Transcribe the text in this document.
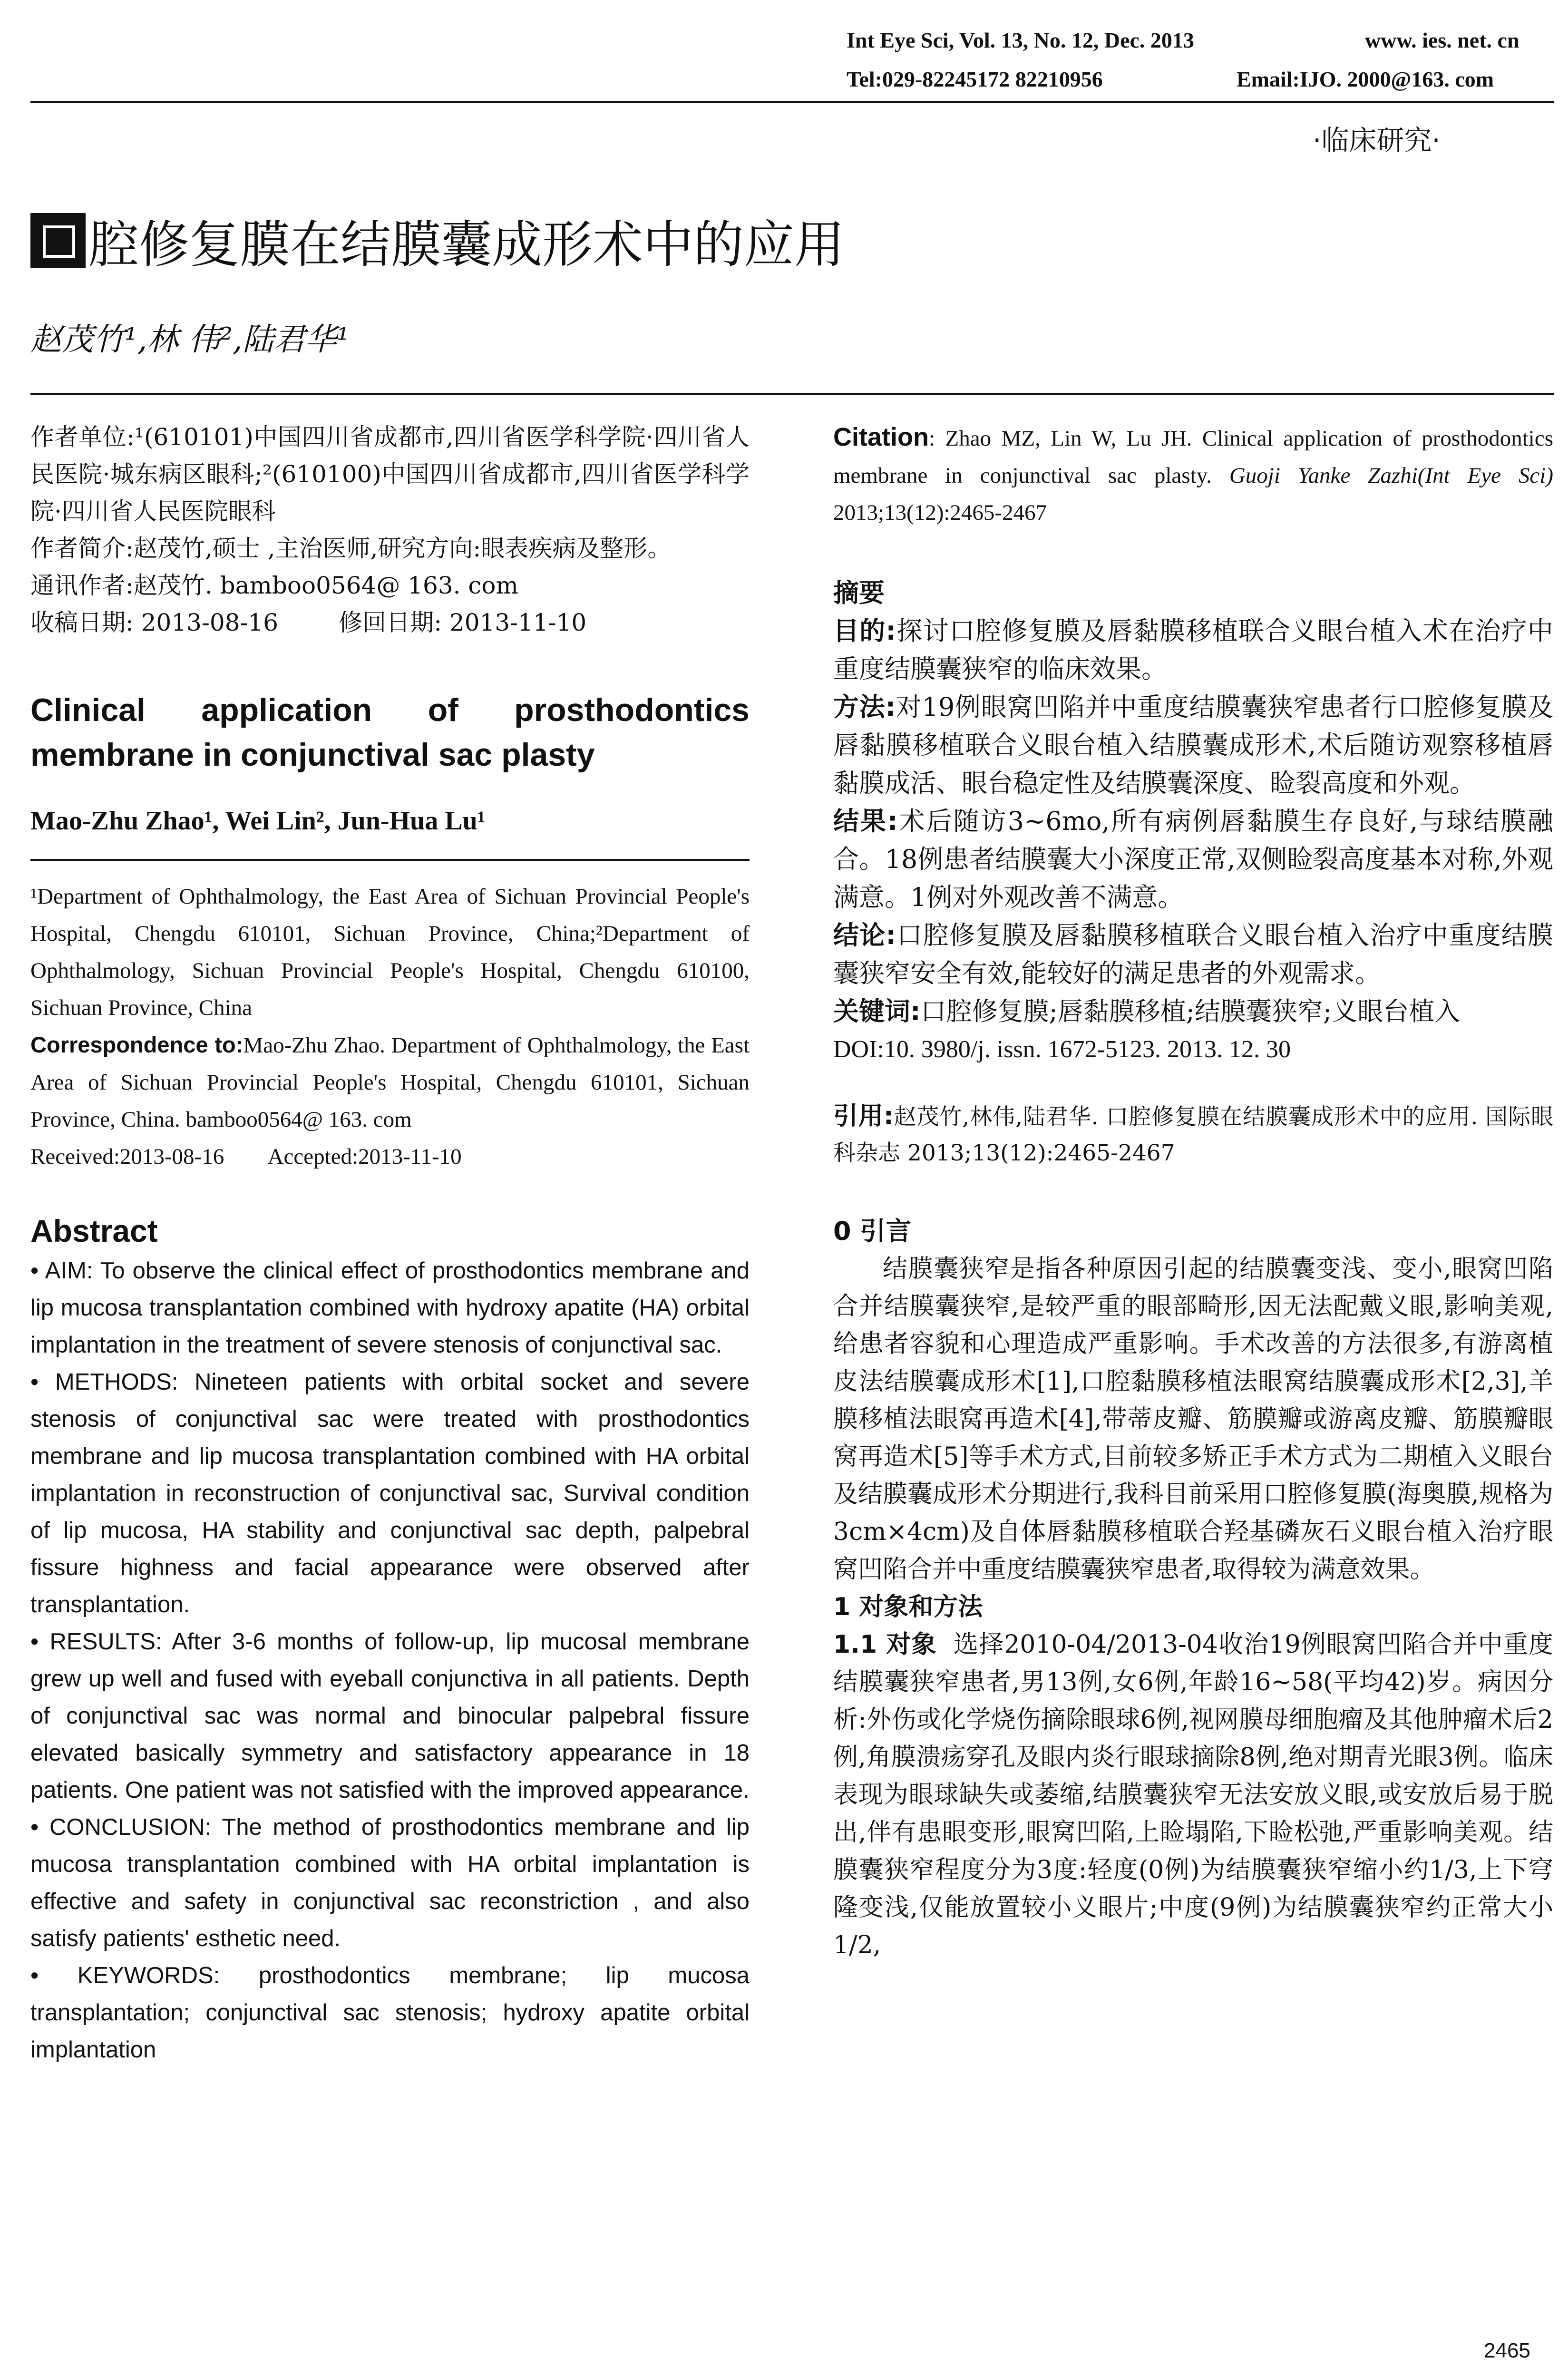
Int Eye Sci, Vol. 13, No. 12, Dec. 2013	www. ies. net. cn
Tel:029-82245172 82210956	Email:IJO. 2000@163. com
·临床研究·
腔修复膜在结膜囊成形术中的应用
赵茂竹¹,林 伟²,陆君华¹
作者单位:¹(610101)中国四川省成都市,四川省医学科学院·四川省人民医院·城东病区眼科;²(610100)中国四川省成都市,四川省医学科学院·四川省人民医院眼科
作者简介:赵茂竹,硕士 ,主治医师,研究方向:眼表疾病及整形。
通讯作者:赵茂竹. bamboo0564@ 163. com
收稿日期: 2013-08-16        修回日期: 2013-11-10
Clinical application of prosthodontics membrane in conjunctival sac plasty
Mao-Zhu Zhao¹, Wei Lin², Jun-Hua Lu¹
¹Department of Ophthalmology, the East Area of Sichuan Provincial People's Hospital, Chengdu 610101, Sichuan Province, China;²Department of Ophthalmology, Sichuan Provincial People's Hospital, Chengdu 610100, Sichuan Province, China
Correspondence to:Mao-Zhu Zhao. Department of Ophthalmology, the East Area of Sichuan Provincial People's Hospital, Chengdu 610101, Sichuan Province, China. bamboo0564@ 163. com
Received:2013-08-16        Accepted:2013-11-10
Abstract

• AIM: To observe the clinical effect of prosthodontics membrane and lip mucosa transplantation combined with hydroxy apatite (HA) orbital implantation in the treatment of severe stenosis of conjunctival sac.

• METHODS: Nineteen patients with orbital socket and severe stenosis of conjunctival sac were treated with prosthodontics membrane and lip mucosa transplantation combined with HA orbital implantation in reconstruction of conjunctival sac, Survival condition of lip mucosa, HA stability and conjunctival sac depth, palpebral fissure highness and facial appearance were observed after transplantation.

• RESULTS: After 3-6 months of follow-up, lip mucosal membrane grew up well and fused with eyeball conjunctiva in all patients. Depth of conjunctival sac was normal and binocular palpebral fissure elevated basically symmetry and satisfactory appearance in 18 patients. One patient was not satisfied with the improved appearance.

• CONCLUSION: The method of prosthodontics membrane and lip mucosa transplantation combined with HA orbital implantation is effective and safety in conjunctival sac reconstriction , and also satisfy patients' esthetic need.

• KEYWORDS: prosthodontics membrane; lip mucosa transplantation; conjunctival sac stenosis; hydroxy apatite orbital implantation

Citation: Zhao MZ, Lin W, Lu JH. Clinical application of prosthodontics membrane in conjunctival sac plasty. Guoji Yanke Zazhi(Int Eye Sci) 2013;13(12):2465-2467
摘要
目的:探讨口腔修复膜及唇黏膜移植联合义眼台植入术在治疗中重度结膜囊狭窄的临床效果。
方法:对19例眼窝凹陷并中重度结膜囊狭窄患者行口腔修复膜及唇黏膜移植联合义眼台植入结膜囊成形术,术后随访观察移植唇黏膜成活、眼台稳定性及结膜囊深度、睑裂高度和外观。
结果:术后随访3~6mo,所有病例唇黏膜生存良好,与球结膜融合。18例患者结膜囊大小深度正常,双侧睑裂高度基本对称,外观满意。1例对外观改善不满意。
结论:口腔修复膜及唇黏膜移植联合义眼台植入治疗中重度结膜囊狭窄安全有效,能较好的满足患者的外观需求。
关键词:口腔修复膜;唇黏膜移植;结膜囊狭窄;义眼台植入
DOI:10. 3980/j. issn. 1672-5123. 2013. 12. 30
引用:赵茂竹,林伟,陆君华. 口腔修复膜在结膜囊成形术中的应用. 国际眼科杂志 2013;13(12):2465-2467
0 引言
结膜囊狭窄是指各种原因引起的结膜囊变浅、变小,眼窝凹陷合并结膜囊狭窄,是较严重的眼部畸形,因无法配戴义眼,影响美观,给患者容貌和心理造成严重影响。手术改善的方法很多,有游离植皮法结膜囊成形术[1],口腔黏膜移植法眼窝结膜囊成形术[2,3],羊膜移植法眼窝再造术[4],带蒂皮瓣、筋膜瓣或游离皮瓣、筋膜瓣眼窝再造术[5]等手术方式,目前较多矫正手术方式为二期植入义眼台及结膜囊成形术分期进行,我科目前采用口腔修复膜(海奥膜,规格为3cm×4cm)及自体唇黏膜移植联合羟基磷灰石义眼台植入治疗眼窝凹陷合并中重度结膜囊狭窄患者,取得较为满意效果。
1 对象和方法
1.1 对象 选择2010-04/2013-04收治19例眼窝凹陷合并中重度结膜囊狭窄患者,男13例,女6例,年龄16~58(平均42)岁。病因分析:外伤或化学烧伤摘除眼球6例,视网膜母细胞瘤及其他肿瘤术后2例,角膜溃疡穿孔及眼内炎行眼球摘除8例,绝对期青光眼3例。临床表现为眼球缺失或萎缩,结膜囊狭窄无法安放义眼,或安放后易于脱出,伴有患眼变形,眼窝凹陷,上睑塌陷,下睑松弛,严重影响美观。结膜囊狭窄程度分为3度:轻度(0例)为结膜囊狭窄缩小约1/3,上下穹隆变浅,仅能放置较小义眼片;中度(9例)为结膜囊狭窄约正常大小1/2,
2465
